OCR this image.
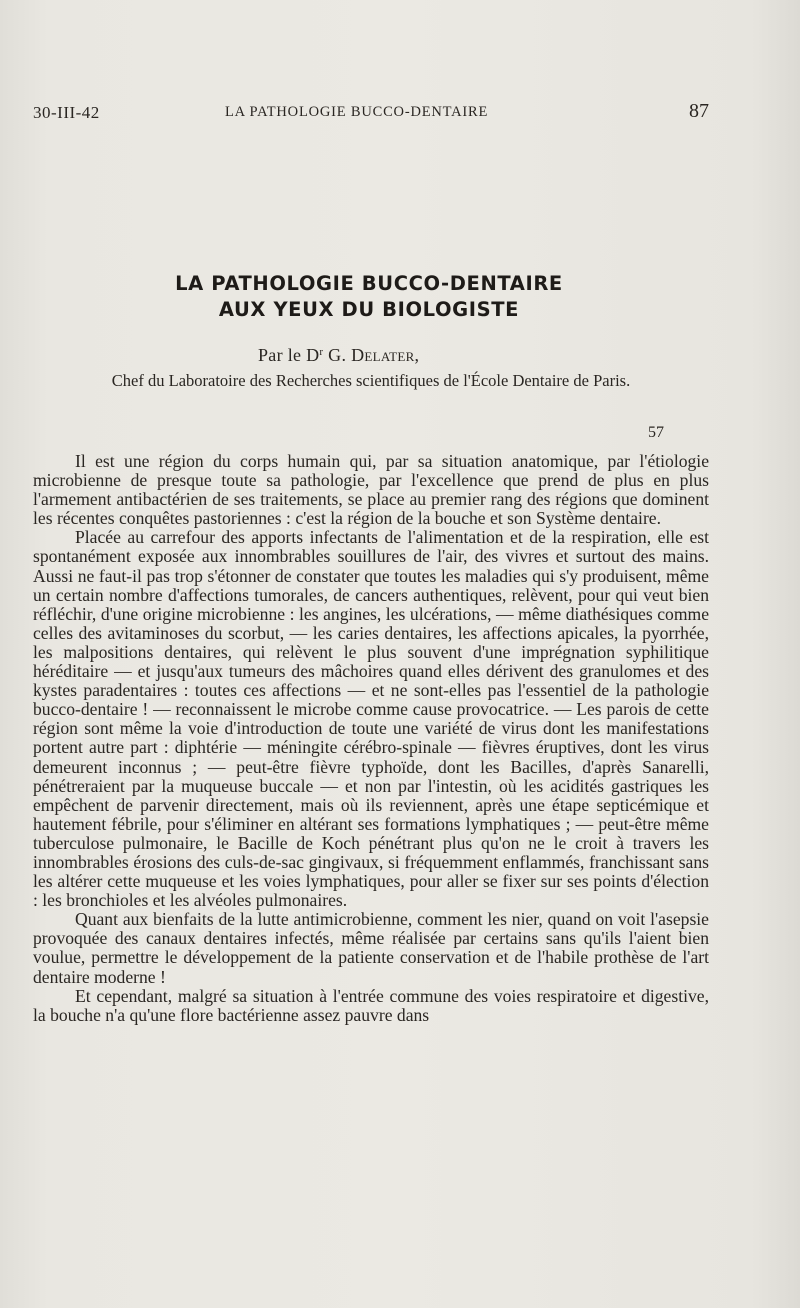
30-III-42	LA PATHOLOGIE BUCCO-DENTAIRE	87
LA PATHOLOGIE BUCCO-DENTAIRE
AUX YEUX DU BIOLOGISTE
Par le $D^r$ G. Delater,
Chef du Laboratoire des Recherches scientifiques de l'École Dentaire de Paris.
57

Il est une région du corps humain qui, par sa situation anatomique, par l'étiologie microbienne de presque toute sa pathologie, par l'excellence que prend de plus en plus l'armement antibactérien de ses traitements, se place au premier rang des régions que dominent les récentes conquêtes pastoriennes : c'est la région de la bouche et son Système dentaire.

Placée au carrefour des apports infectants de l'alimentation et de la respiration, elle est spontanément exposée aux innombrables souillures de l'air, des vivres et surtout des mains. Aussi ne faut-il pas trop s'étonner de constater que toutes les maladies qui s'y produisent, même un certain nombre d'affections tumorales, de cancers authentiques, relèvent, pour qui veut bien réfléchir, d'une origine microbienne : les angines, les ulcérations, — même diathésiques comme celles des avitaminoses du scorbut, — les caries dentaires, les affections apicales, la pyorrhée, les malpositions dentaires, qui relèvent le plus souvent d'une imprégnation syphilitique héréditaire — et jusqu'aux tumeurs des mâchoires quand elles dérivent des granulomes et des kystes paradentaires : toutes ces affections — et ne sont-elles pas l'essentiel de la pathologie bucco-dentaire ! — reconnaissent le microbe comme cause provocatrice. — Les parois de cette région sont même la voie d'introduction de toute une variété de virus dont les manifestations portent autre part : diphtérie — méningite cérébro-spinale — fièvres éruptives, dont les virus demeurent inconnus ; — peut-être fièvre typhoïde, dont les Bacilles, d'après Sanarelli, pénétreraient par la muqueuse buccale — et non par l'intestin, où les acidités gastriques les empêchent de parvenir directement, mais où ils reviennent, après une étape septicémique et hautement fébrile, pour s'éliminer en altérant ses formations lymphatiques ; — peut-être même tuberculose pulmonaire, le Bacille de Koch pénétrant plus qu'on ne le croit à travers les innombrables érosions des culs-de-sac gingivaux, si fréquemment enflammés, franchissant sans les altérer cette muqueuse et les voies lymphatiques, pour aller se fixer sur ses points d'élection : les bronchioles et les alvéoles pulmonaires.

Quant aux bienfaits de la lutte antimicrobienne, comment les nier, quand on voit l'asepsie provoquée des canaux dentaires infectés, même réalisée par certains sans qu'ils l'aient bien voulue, permettre le développement de la patiente conservation et de l'habile prothèse de l'art dentaire moderne !

Et cependant, malgré sa situation à l'entrée commune des voies respiratoire et digestive, la bouche n'a qu'une flore bactérienne assez pauvre dans
